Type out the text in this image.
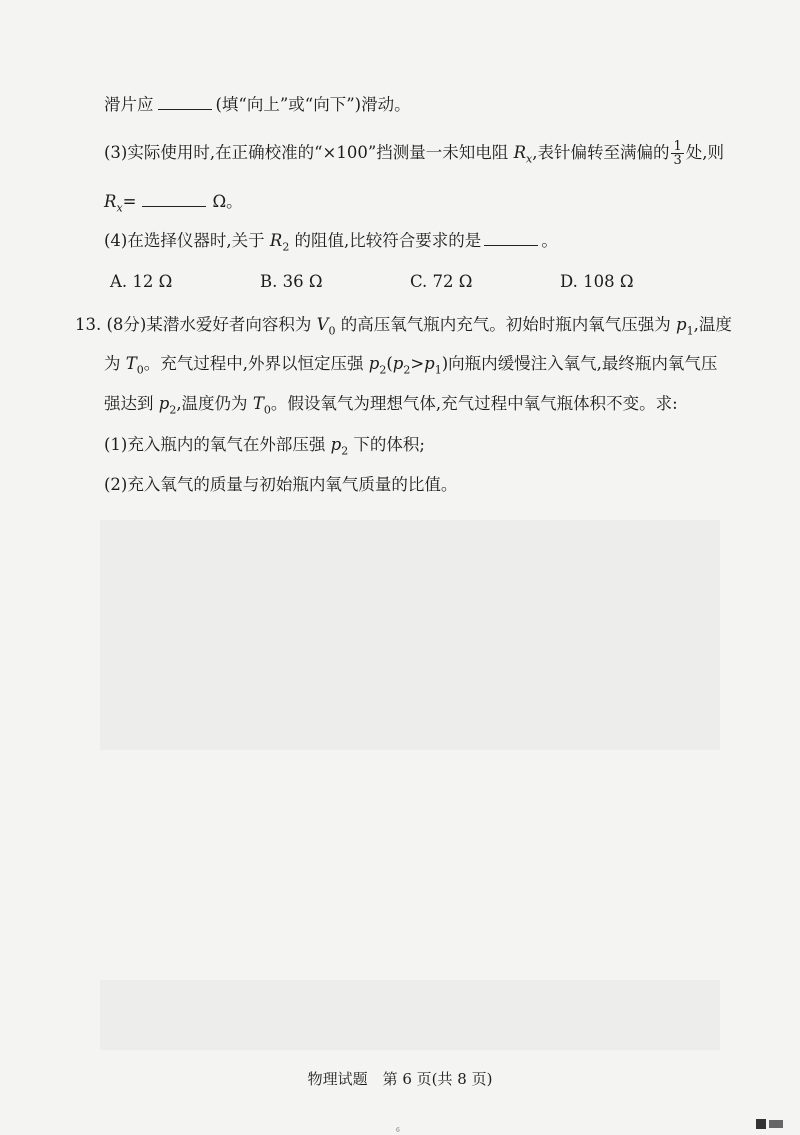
滑片应	(填“向上”或“向下”)滑动。
(3)实际使用时,在正确校准的“×100”挡测量一未知电阻 $R_x$,表针偏转至满偏的 $\frac{1}{3}$ 处,则
$R_x=$	Ω。
(4)在选择仪器时,关于 $R_2$ 的阻值,比较符合要求的是	。
A. 12 Ω	B. 36 Ω	C. 72 Ω	D. 108 Ω
13. (8分)某潜水爱好者向容积为 $V_0$ 的高压氧气瓶内充气。初始时瓶内氧气压强为 $p_1$,温度
为 $T_0$。充气过程中,外界以恒定压强 $p_2(p_2>p_1)$向瓶内缓慢注入氧气,最终瓶内氧气压
强达到 $p_2$,温度仍为 $T_0$。假设氧气为理想气体,充气过程中氧气瓶体积不变。求:
(1)充入瓶内的氧气在外部压强 $p_2$ 下的体积;
(2)充入氧气的质量与初始瓶内氧气质量的比值。
物理试题　第 6 页(共 8 页)
6
